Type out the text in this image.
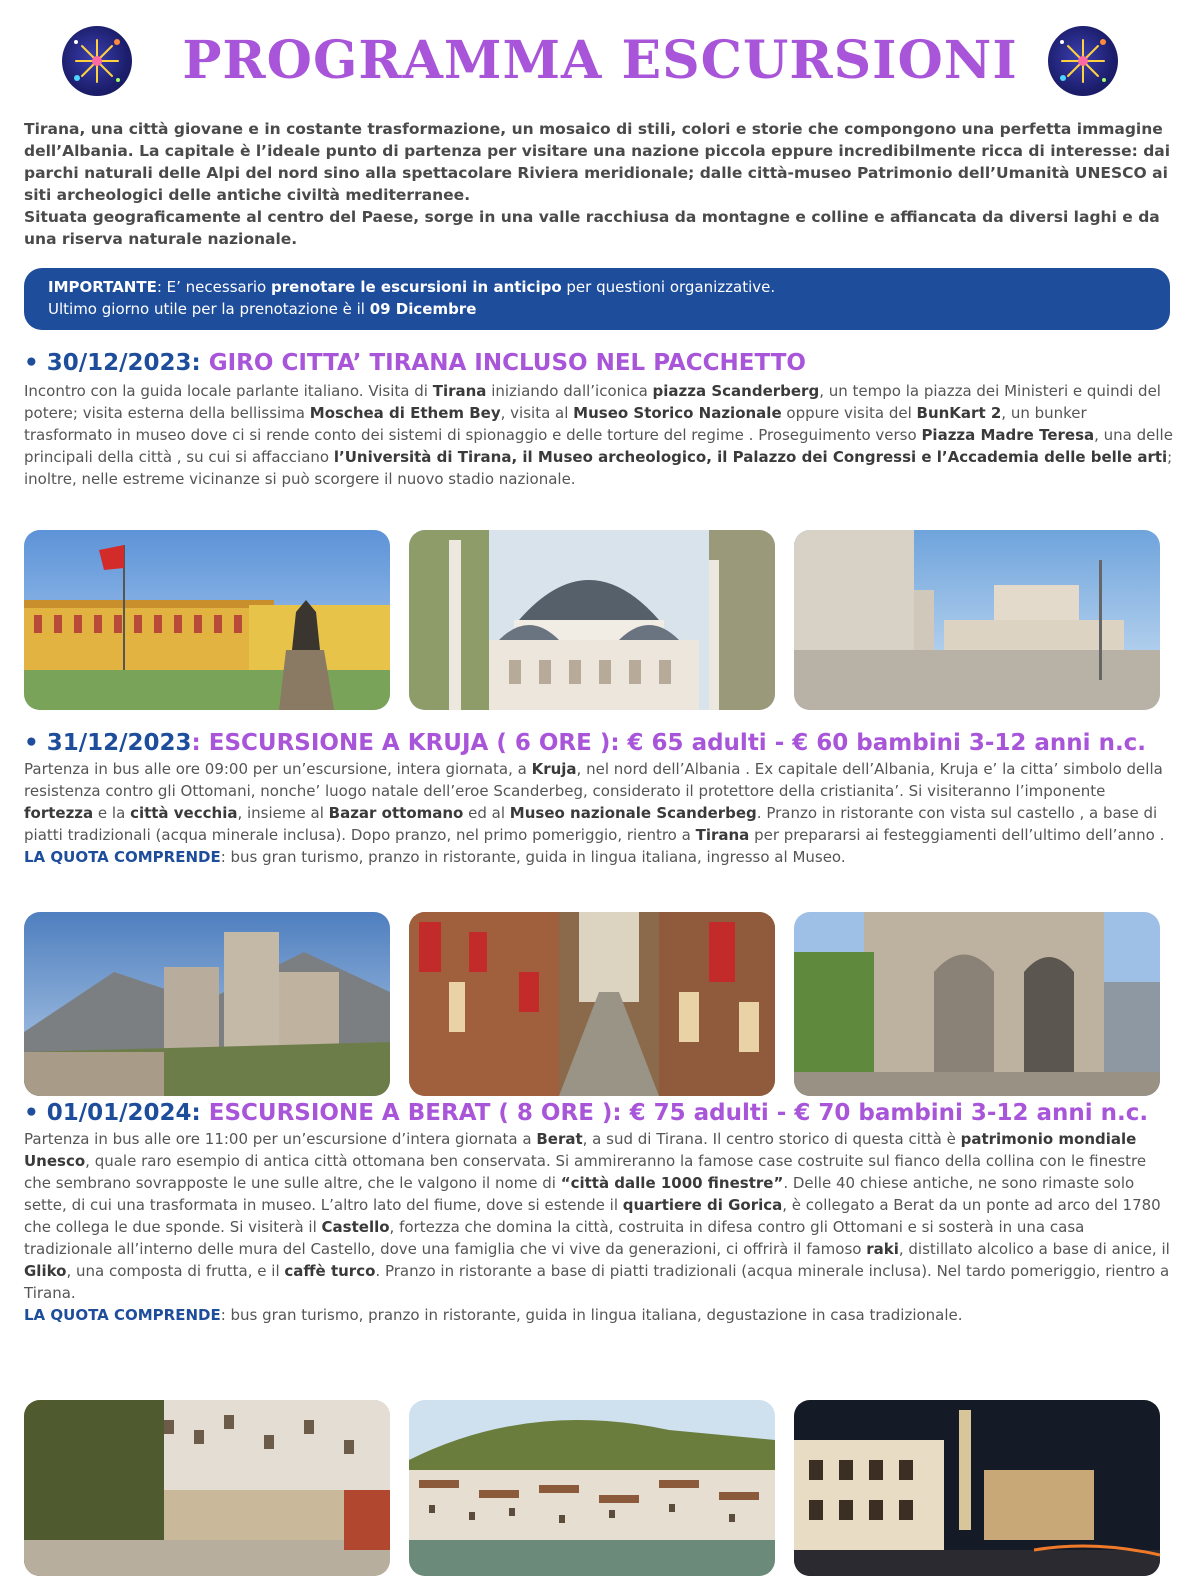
PROGRAMMA ESCURSIONI
Tirana, una città giovane e in costante trasformazione, un mosaico di stili, colori e storie che compongono una perfetta immagine dell’Albania. La capitale è l’ideale punto di partenza per visitare una nazione piccola eppure incredibilmente ricca di interesse: dai parchi naturali delle Alpi del nord sino alla spettacolare Riviera meridionale; dalle città-museo Patrimonio dell’Umanità UNESCO ai siti archeologici delle antiche civiltà mediterranee.
Situata geograficamente al centro del Paese, sorge in una valle racchiusa da montagne e colline e affiancata da diversi laghi e da una riserva naturale nazionale.
IMPORTANTE: E’ necessario prenotare le escursioni in anticipo per questioni organizzative.
Ultimo giorno utile per la prenotazione è il 09 Dicembre
• 30/12/2023: GIRO CITTA’ TIRANA INCLUSO NEL PACCHETTO
Incontro con la guida locale parlante italiano. Visita di Tirana iniziando dall’iconica piazza Scanderberg, un tempo la piazza dei Ministeri e quindi del potere; visita esterna della bellissima Moschea di Ethem Bey, visita al Museo Storico Nazionale oppure visita del BunKart 2, un bunker trasformato in museo dove ci si rende conto dei sistemi di spionaggio e delle torture del regime . Proseguimento verso Piazza Madre Teresa, una delle principali della città , su cui si affacciano l’Università di Tirana, il Museo archeologico, il Palazzo dei Congressi e l’Accademia delle belle arti; inoltre, nelle estreme vicinanze si può scorgere il nuovo stadio nazionale.
• 31/12/2023: ESCURSIONE A KRUJA ( 6 ORE ): € 65 adulti - € 60 bambini 3-12 anni n.c.
Partenza in bus alle ore 09:00 per un’escursione, intera giornata, a Kruja, nel nord dell’Albania . Ex capitale dell’Albania, Kruja e’ la citta’ simbolo della resistenza contro gli Ottomani, nonche’ luogo natale dell’eroe Scanderbeg, considerato il protettore della cristianita’. Si visiteranno l’imponente fortezza e la città vecchia, insieme al Bazar ottomano ed al Museo nazionale Scanderbeg. Pranzo in ristorante con vista sul castello , a base di piatti tradizionali (acqua minerale inclusa). Dopo pranzo, nel primo pomeriggio, rientro a Tirana per prepararsi ai festeggiamenti dell’ultimo dell’anno .
LA QUOTA COMPRENDE: bus gran turismo, pranzo in ristorante, guida in lingua italiana, ingresso al Museo.
• 01/01/2024: ESCURSIONE A BERAT ( 8 ORE ): € 75 adulti - € 70 bambini 3-12 anni n.c.
Partenza in bus alle ore 11:00 per un’escursione d’intera giornata a Berat, a sud di Tirana. Il centro storico di questa città è patrimonio mondiale Unesco, quale raro esempio di antica città ottomana ben conservata. Si ammireranno la famose case costruite sul fianco della collina con le finestre che sembrano sovrapposte le une sulle altre, che le valgono il nome di “città dalle 1000 finestre”. Delle 40 chiese antiche, ne sono rimaste solo sette, di cui una trasformata in museo. L’altro lato del fiume, dove si estende il quartiere di Gorica, è collegato a Berat da un ponte ad arco del 1780 che collega le due sponde. Si visiterà il Castello, fortezza che domina la città, costruita in difesa contro gli Ottomani e si sosterà in una casa tradizionale all’interno delle mura del Castello, dove una famiglia che vi vive da generazioni, ci offrirà il famoso raki, distillato alcolico a base di anice, il Gliko, una composta di frutta, e il caffè turco. Pranzo in ristorante a base di piatti tradizionali (acqua minerale inclusa). Nel tardo pomeriggio, rientro a Tirana.
LA QUOTA COMPRENDE: bus gran turismo, pranzo in ristorante, guida in lingua italiana, degustazione in casa tradizionale.
